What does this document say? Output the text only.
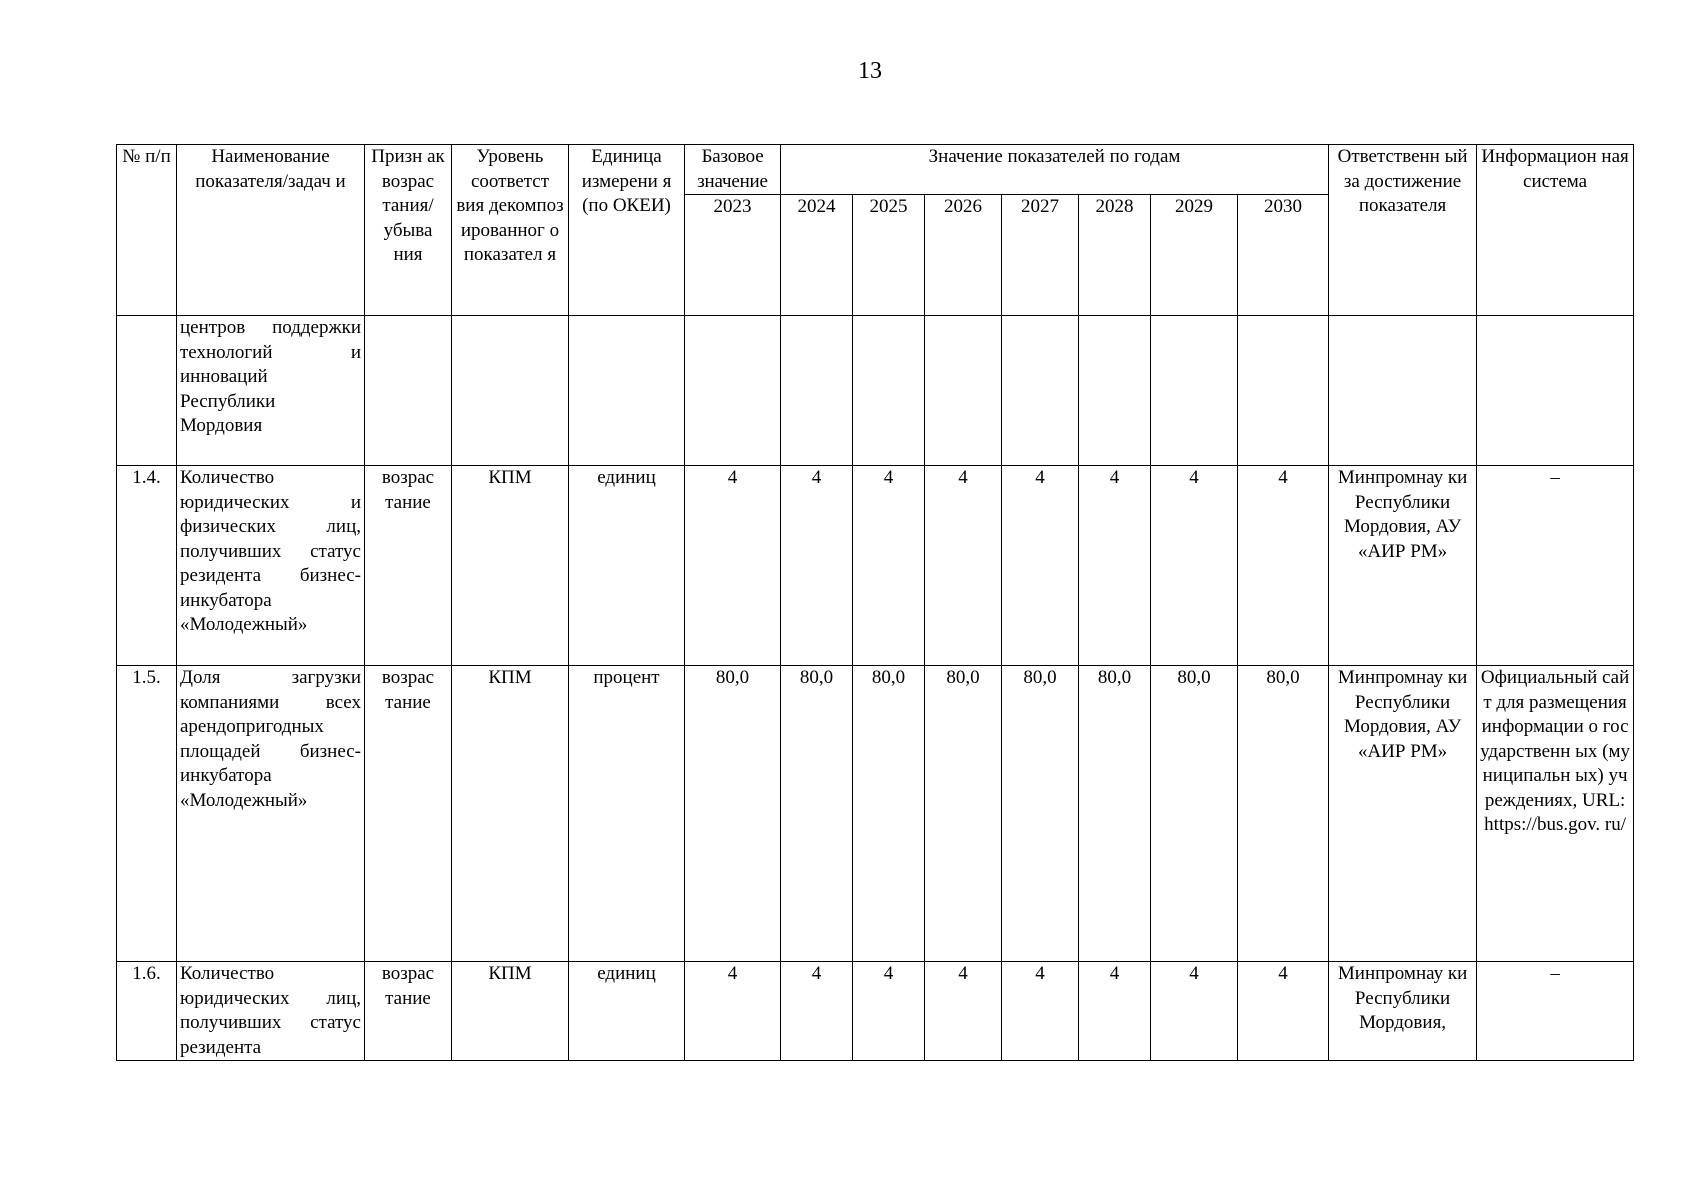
13
№ п/п	Наименование показателя/задач и	Призн ак возрас тания/ убыва ния	Уровень соответст вия декомпоз ированног о показател я	Единица измерени я (по ОКЕИ)	Базовое значение	Значение показателей по годам							Ответственн ый за достижение показателя	Информацион ная система
					2023	2024	2025	2026	2027	2028	2029	2030		
	центров поддержки технологий и инноваций Республики Мордовия													
1.4.	Количество юридических и физических лиц, получивших статус резидента бизнес- инкубатора «Молодежный»	возрас тание	КПМ	единиц	4	4	4	4	4	4	4	4	Минпромнау ки Республики Мордовия, АУ «АИР РМ»	–
1.5.	Доля загрузки компаниями всех арендопригодных площадей бизнес- инкубатора «Молодежный»	возрас тание	КПМ	процент	80,0	80,0	80,0	80,0	80,0	80,0	80,0	80,0	Минпромнау ки Республики Мордовия, АУ «АИР РМ»	Официальный сайт для размещения информации о государственн ых (муниципальн ых) учреждениях, URL: https://bus.gov. ru/
1.6.	Количество юридических лиц, получивших статус резидента	возрас тание	КПМ	единиц	4	4	4	4	4	4	4	4	Минпромнау ки Республики Мордовия,	–
